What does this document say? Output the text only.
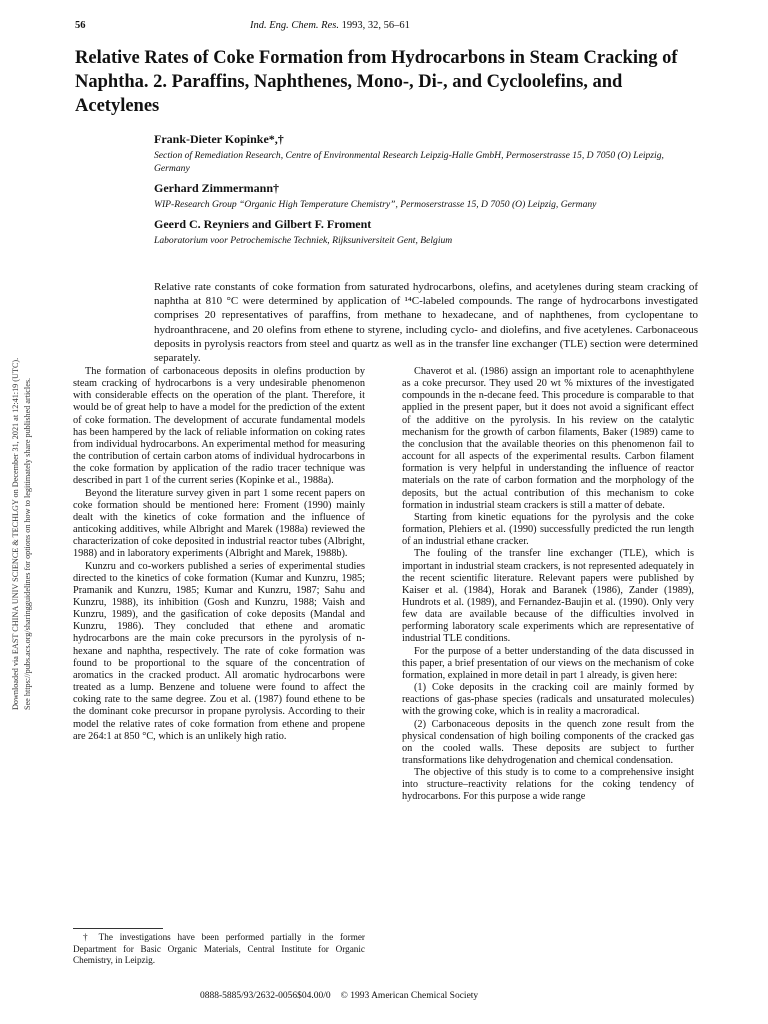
56	Ind. Eng. Chem. Res. 1993, 32, 56–61
Relative Rates of Coke Formation from Hydrocarbons in Steam Cracking of Naphtha. 2. Paraffins, Naphthenes, Mono-, Di-, and Cycloolefins, and Acetylenes

Frank-Dieter Kopinke*,†

Section of Remediation Research, Centre of Environmental Research Leipzig-Halle GmbH, Permoserstrasse 15, D 7050 (O) Leipzig, Germany

Gerhard Zimmermann†

WIP-Research Group “Organic High Temperature Chemistry”, Permoserstrasse 15, D 7050 (O) Leipzig, Germany

Geerd C. Reyniers and Gilbert F. Froment

Laboratorium voor Petrochemische Techniek, Rijksuniversiteit Gent, Belgium

Relative rate constants of coke formation from saturated hydrocarbons, olefins, and acetylenes during steam cracking of naphtha at 810 °C were determined by application of ¹⁴C-labeled compounds. The range of hydrocarbons investigated comprises 20 representatives of paraffins, from methane to hexadecane, and of naphthenes, from cyclopentane to hydroanthracene, and 20 olefins from ethene to styrene, including cyclo- and diolefins, and five acetylenes. Carbonaceous deposits in pyrolysis reactors from steel and quartz as well as in the transfer line exchanger (TLE) section were determined separately.

The formation of carbonaceous deposits in olefins production by steam cracking of hydrocarbons is a very undesirable phenomenon with considerable effects on the operation of the plant. Therefore, it would be of great help to have a model for the prediction of the extent of coke formation. The development of accurate fundamental models has been hampered by the lack of reliable information on coking rates from individual hydrocarbons. An experimental method for measuring the contribution of certain carbon atoms of individual hydrocarbons in the coke formation by application of the radio tracer technique was described in part 1 of the current series (Kopinke et al., 1988a).

Beyond the literature survey given in part 1 some recent papers on coke formation should be mentioned here: Froment (1990) mainly dealt with the kinetics of coke formation and the influence of anticoking additives, while Albright and Marek (1988a) reviewed the characterization of coke deposited in industrial reactor tubes (Albright, 1988) and in laboratory experiments (Albright and Marek, 1988b).

Kunzru and co-workers published a series of experimental studies directed to the kinetics of coke formation (Kumar and Kunzru, 1985; Pramanik and Kunzru, 1985; Kumar and Kunzru, 1987; Sahu and Kunzru, 1988), its inhibition (Gosh and Kunzru, 1988; Vaish and Kunzru, 1989), and the gasification of coke deposits (Mandal and Kunzru, 1986). They concluded that ethene and aromatic hydrocarbons are the main coke precursors in the pyrolysis of n-hexane and naphtha, respectively. The rate of coke formation was found to be proportional to the square of the concentration of aromatics in the cracked product. All aromatic hydrocarbons were treated as a lump. Benzene and toluene were found to affect the coking rate to the same degree. Zou et al. (1987) found ethene to be the dominant coke precursor in propane pyrolysis. According to their model the relative rates of coke formation from ethene and propene are 264:1 at 850 °C, which is an unlikely high ratio.

Chaverot et al. (1986) assign an important role to acenaphthylene as a coke precursor. They used 20 wt % mixtures of the investigated compounds in the n-decane feed. This procedure is comparable to that applied in the present paper, but it does not avoid a significant effect of the additive on the pyrolysis. In his review on the catalytic mechanism for the growth of carbon filaments, Baker (1989) came to the conclusion that the available theories on this phenomenon fail to account for all aspects of the experimental results. Carbon filament formation is very helpful in understanding the influence of reactor materials on the rate of carbon formation and the morphology of the deposits, but the actual contribution of this mechanism to coke formation in industrial steam crackers is still a matter of debate.

Starting from kinetic equations for the pyrolysis and the coke formation, Plehiers et al. (1990) successfully predicted the run length of an industrial ethane cracker.

The fouling of the transfer line exchanger (TLE), which is important in industrial steam crackers, is not represented adequately in the recent scientific literature. Relevant papers were published by Kaiser et al. (1984), Horak and Baranek (1986), Zander (1989), Hundrots et al. (1989), and Fernandez-Baujin et al. (1990). Only very few data are available because of the difficulties involved in performing laboratory scale experiments which are representative of industrial TLE conditions.

For the purpose of a better understanding of the data discussed in this paper, a brief presentation of our views on the mechanism of coke formation, explained in more detail in part 1 already, is given here:

(1) Coke deposits in the cracking coil are mainly formed by reactions of gas-phase species (radicals and unsaturated molecules) with the growing coke, which is in reality a macroradical.

(2) Carbonaceous deposits in the quench zone result from the physical condensation of high boiling components of the cracked gas on the cooled walls. These deposits are subject to further transformations like dehydrogenation and chemical condensation.

The objective of this study is to come to a comprehensive insight into structure–reactivity relations for the coking tendency of hydrocarbons. For this purpose a wide range

† The investigations have been performed partially in the former Department for Basic Organic Materials, Central Institute for Organic Chemistry, in Leipzig.

0888-5885/93/2632-0056$04.00/0 © 1993 American Chemical Society
Downloaded via EAST CHINA UNIV SCIENCE & TECHLGY on December 31, 2021 at 12:41:19 (UTC). See https://pubs.acs.org/sharingguidelines for options on how to legitimately share published articles.
